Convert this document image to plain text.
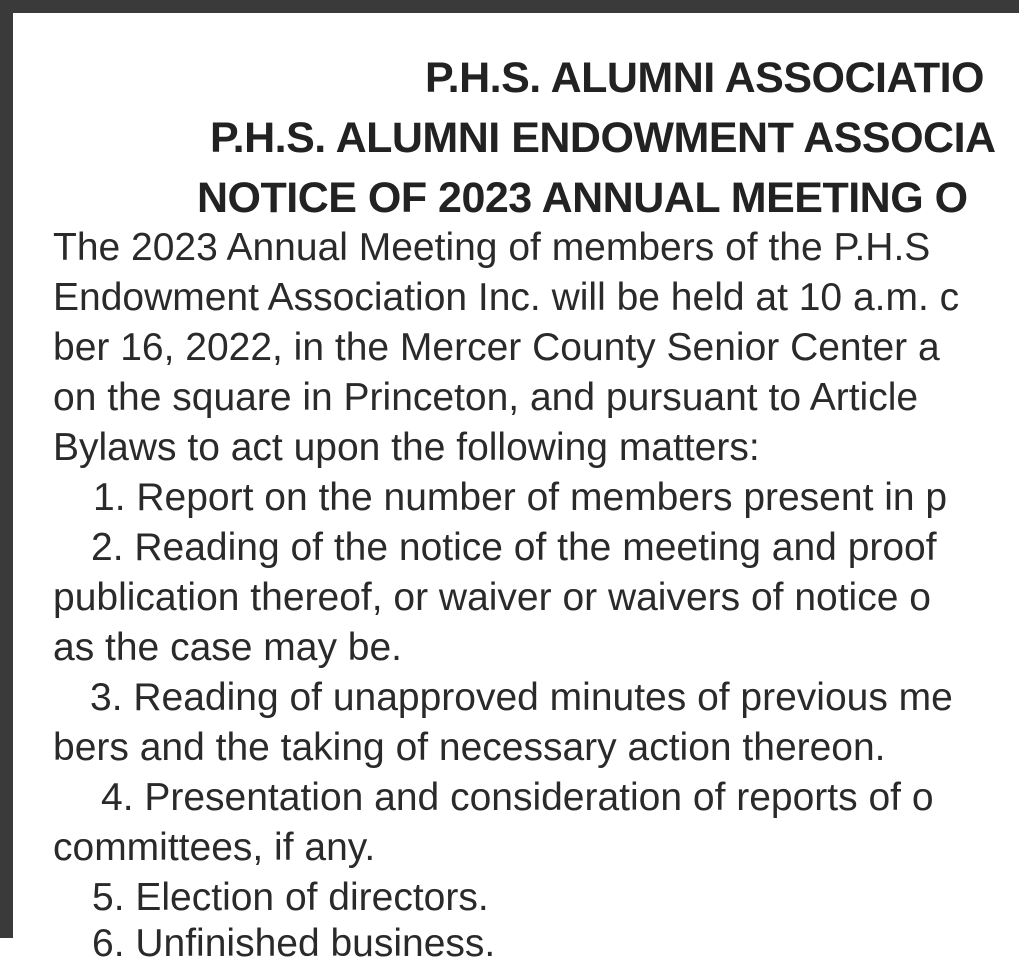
P.H.S. ALUMNI ASSOCIATIO
P.H.S. ALUMNI ENDOWMENT ASSOCIA
NOTICE OF 2023 ANNUAL MEETING O
The 2023 Annual Meeting of members of the P.H.S
Endowment Association Inc. will be held at 10 a.m. c
ber 16, 2022, in the Mercer County Senior Center a
on the square in Princeton, and pursuant to Article
Bylaws to act upon the following matters:
1. Report on the number of members present in p
2. Reading of the notice of the meeting and proof
publication thereof, or waiver or waivers of notice o
as the case may be.
3. Reading of unapproved minutes of previous me
bers and the taking of necessary action thereon.
4. Presentation and consideration of reports of o
committees, if any.
5. Election of directors.
6. Unfinished business.
